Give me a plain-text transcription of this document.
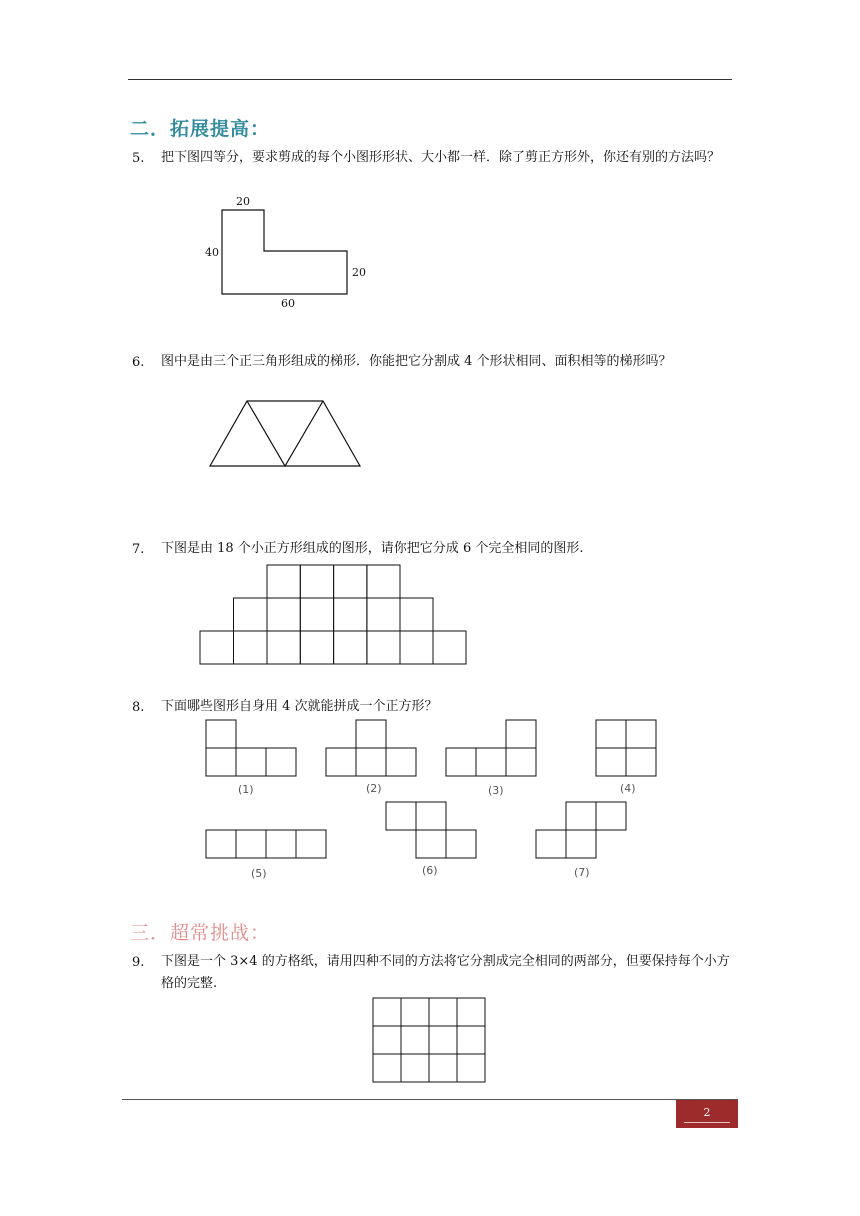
二．拓展提高：
5. 把下图四等分，要求剪成的每个小图形形状、大小都一样．除了剪正方形外，你还有别的方法吗？
20
40
20
60
6. 图中是由三个正三角形组成的梯形．你能把它分割成 4 个形状相同、面积相等的梯形吗？
7. 下图是由 18 个小正方形组成的图形，请你把它分成 6 个完全相同的图形.
8. 下面哪些图形自身用 4 次就能拼成一个正方形？
(1)	(2)	(3)	(4)
(5)	(6)	(7)
三．超常挑战：
9. 下图是一个 3×4 的方格纸，请用四种不同的方法将它分割成完全相同的两部分，但要保持每个小方格的完整.
2
